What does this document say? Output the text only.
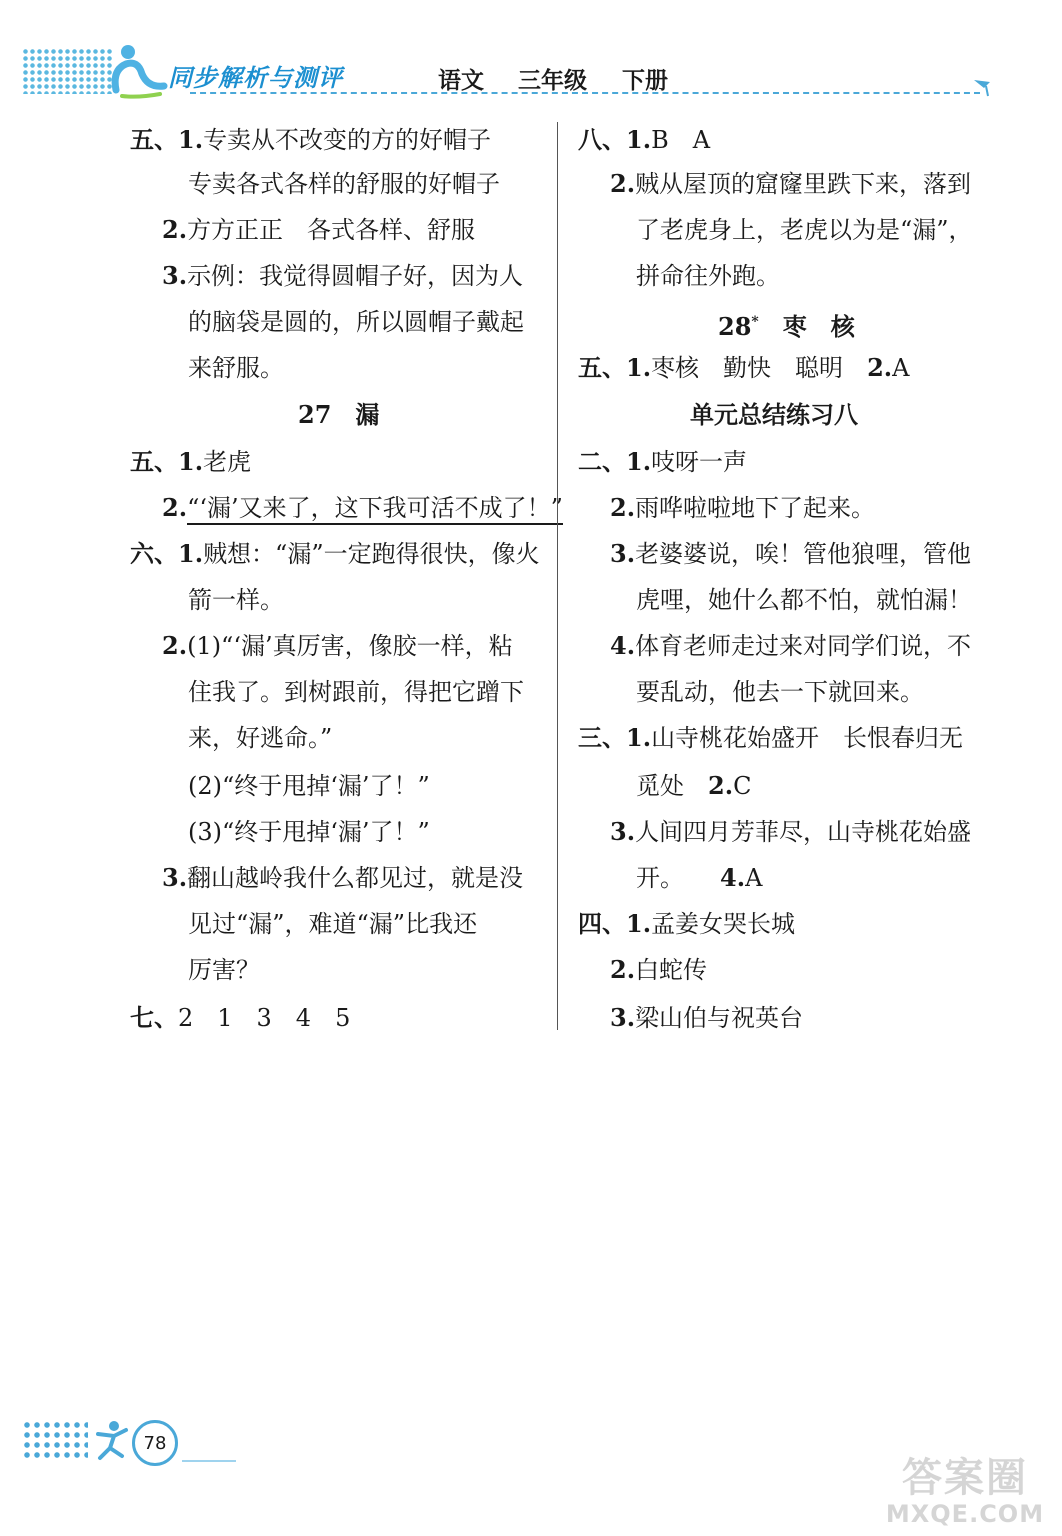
同步解析与测评	语文 三年级 下册
五、1.专卖从不改变的方的好帽子
专卖各式各样的舒服的好帽子
2.方方正正　各式各样、舒服
3.示例：我觉得圆帽子好，因为人
的脑袋是圆的，所以圆帽子戴起
来舒服。
27　漏
五、1.老虎
2.“‘漏’又来了，这下我可活不成了！”
六、1.贼想：“漏”一定跑得很快，像火
箭一样。
2.(1)“‘漏’真厉害，像胶一样，粘
住我了。到树跟前，得把它蹭下
来，好逃命。”
(2)“终于甩掉‘漏’了！”
(3)“终于甩掉‘漏’了！”
3.翻山越岭我什么都见过，就是没
见过“漏”，难道“漏”比我还
厉害？
七、2　1　3　4　5
八、1.B　A
2.贼从屋顶的窟窿里跌下来，落到
了老虎身上，老虎以为是“漏”，
拼命往外跑。
28*　 枣　核
五、1.枣核　勤快　聪明　 2.A
单元总结练习八
二、1.吱呀一声
2.雨哗啦啦地下了起来。
3.老婆婆说，唉！管他狼哩，管他
虎哩，她什么都不怕，就怕漏！
4.体育老师走过来对同学们说，不
要乱动，他去一下就回来。
三、1.山寺桃花始盛开　长恨春归无
觅处　 2.C
3.人间四月芳菲尽，山寺桃花始盛
开。　　 4.A
四、1.孟姜女哭长城
2.白蛇传
3.梁山伯与祝英台
78
答案圈
MXQE.COM
